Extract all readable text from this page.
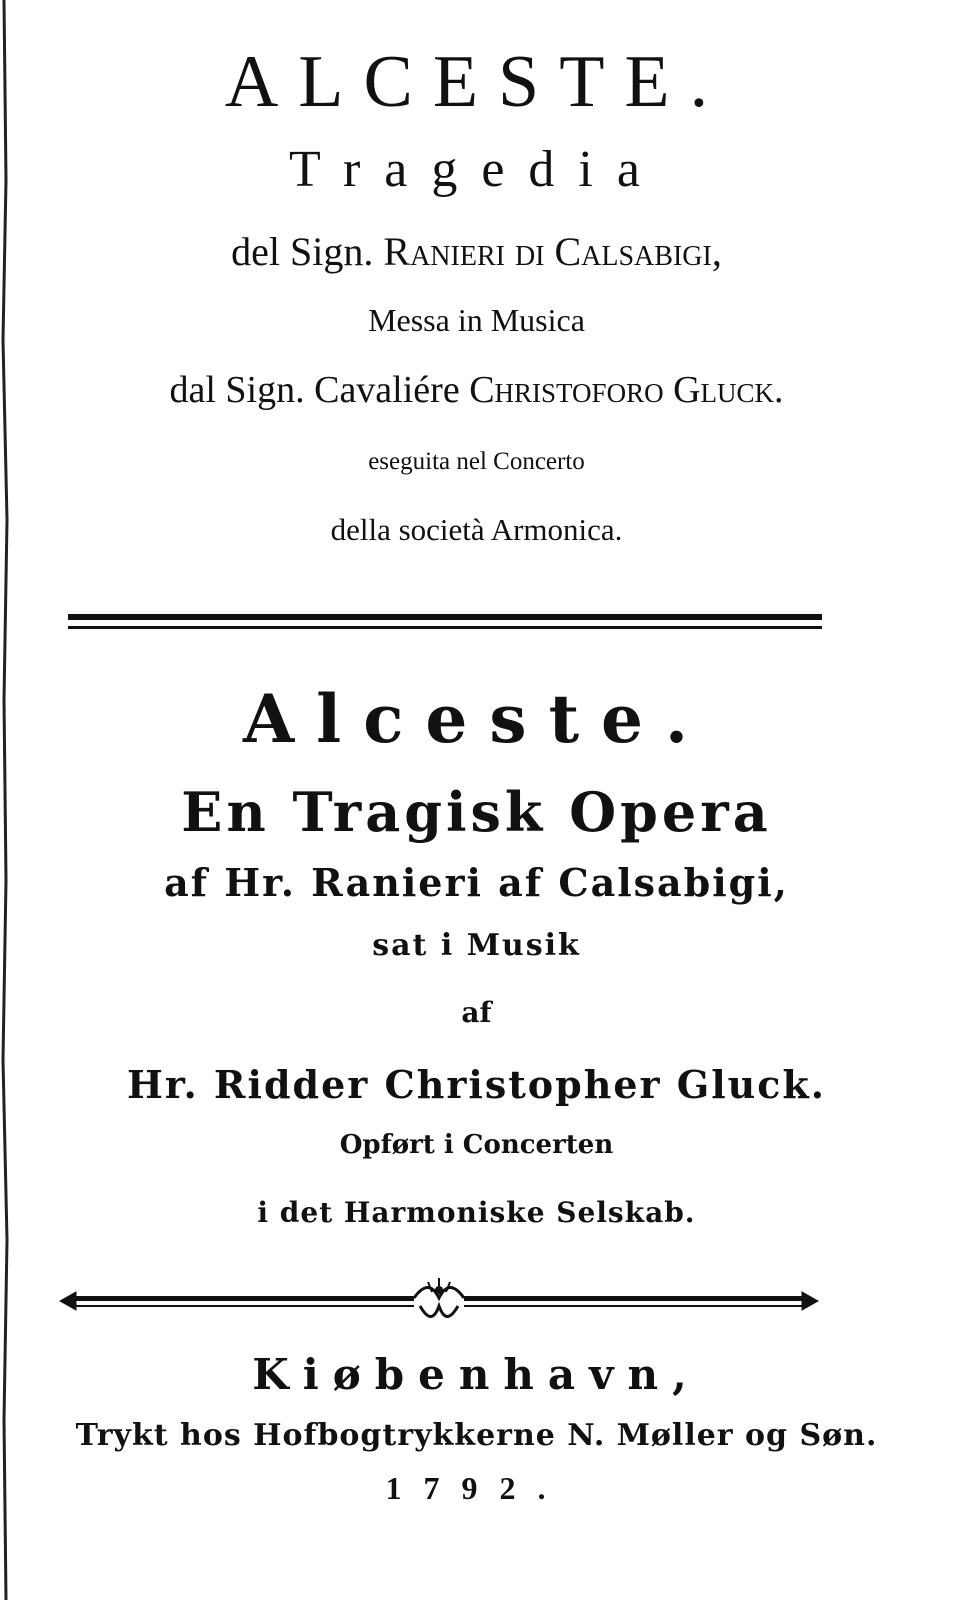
ALCESTE.
Tragedia
del Sign. Ranieri di Calsabigi,
Messa in Musica
dal Sign. Cavaliére Christoforo Gluck.
eseguita nel Concerto
della società Armonica.
Alceste.
En Tragisk Opera
af Hr. Ranieri af Calsabigi,
sat i Musik
af
Hr. Ridder Christopher Gluck.
Opført i Concerten
i det Harmoniske Selskab.
Kiøbenhavn,
Trykt hos Hofbogtrykkerne N. Møller og Søn.
1792.
